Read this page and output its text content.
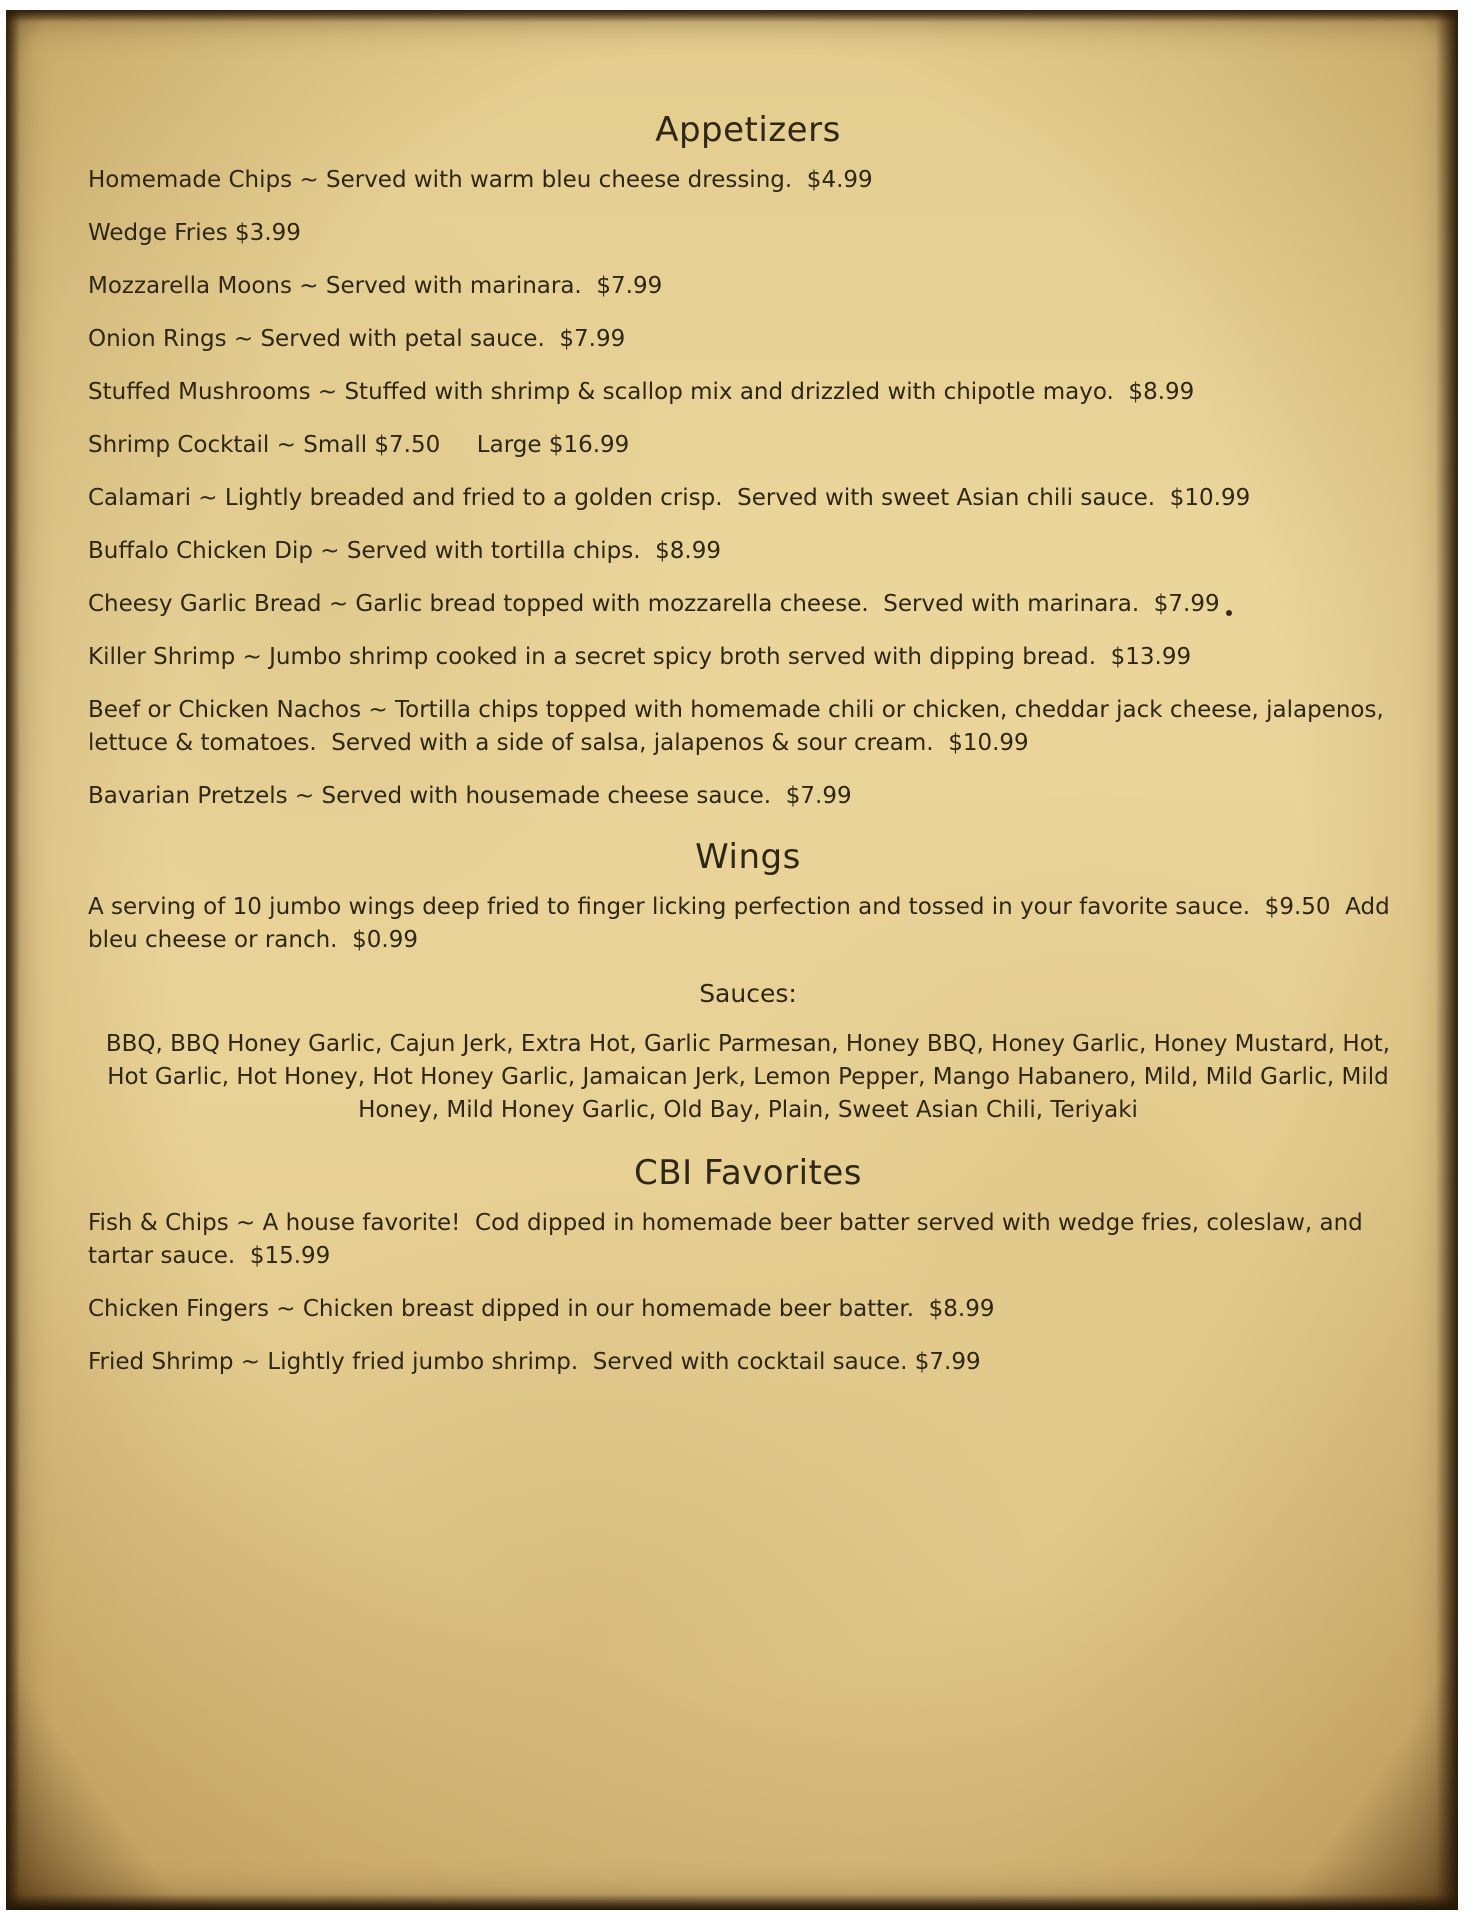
Appetizers

Homemade Chips ~ Served with warm bleu cheese dressing.  $4.99

Wedge Fries $3.99

Mozzarella Moons ~ Served with marinara.  $7.99

Onion Rings ~ Served with petal sauce.  $7.99

Stuffed Mushrooms ~ Stuffed with shrimp & scallop mix and drizzled with chipotle mayo.  $8.99

Shrimp Cocktail ~ Small $7.50     Large $16.99

Calamari ~ Lightly breaded and fried to a golden crisp.  Served with sweet Asian chili sauce.  $10.99

Buffalo Chicken Dip ~ Served with tortilla chips.  $8.99

Cheesy Garlic Bread ~ Garlic bread topped with mozzarella cheese.  Served with marinara.  $7.99

Killer Shrimp ~ Jumbo shrimp cooked in a secret spicy broth served with dipping bread.  $13.99

Beef or Chicken Nachos ~ Tortilla chips topped with homemade chili or chicken, cheddar jack cheese, jalapenos, lettuce & tomatoes.  Served with a side of salsa, jalapenos & sour cream.  $10.99

Bavarian Pretzels ~ Served with housemade cheese sauce.  $7.99

Wings

A serving of 10 jumbo wings deep fried to finger licking perfection and tossed in your favorite sauce.  $9.50  Add bleu cheese or ranch.  $0.99

Sauces:
BBQ, BBQ Honey Garlic, Cajun Jerk, Extra Hot, Garlic Parmesan, Honey BBQ, Honey Garlic, Honey Mustard, Hot, Hot Garlic, Hot Honey, Hot Honey Garlic, Jamaican Jerk, Lemon Pepper, Mango Habanero, Mild, Mild Garlic, Mild Honey, Mild Honey Garlic, Old Bay, Plain, Sweet Asian Chili, Teriyaki
CBI Favorites

Fish & Chips ~ A house favorite!  Cod dipped in homemade beer batter served with wedge fries, coleslaw, and tartar sauce.  $15.99

Chicken Fingers ~ Chicken breast dipped in our homemade beer batter.  $8.99

Fried Shrimp ~ Lightly fried jumbo shrimp.  Served with cocktail sauce. $7.99
